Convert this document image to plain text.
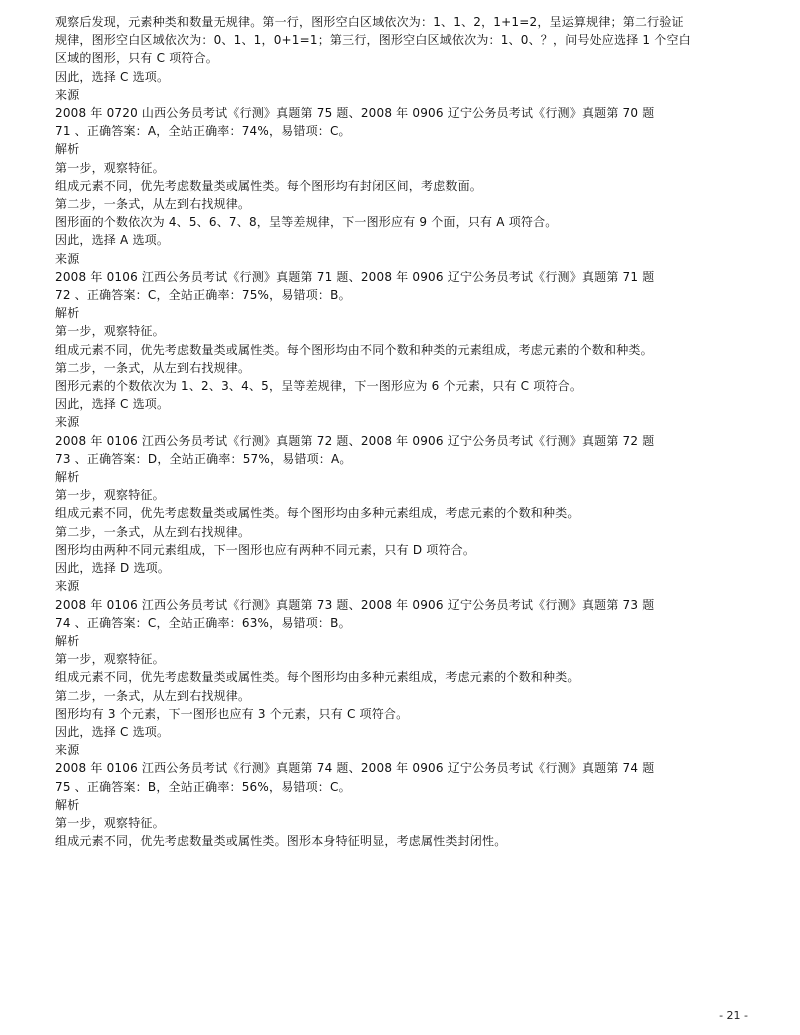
观察后发现，元素种类和数量无规律。第一行，图形空白区域依次为：1、1、2，1+1=2，呈运算规律；第二行验证
规律，图形空白区域依次为：0、1、1，0+1=1；第三行，图形空白区域依次为：1、0、？，问号处应选择 1 个空白
区域的图形，只有 C 项符合。
因此，选择 C 选项。
来源
2008 年 0720 山西公务员考试《行测》真题第 75 题、2008 年 0906 辽宁公务员考试《行测》真题第 70 题
71 、正确答案：A，全站正确率：74%，易错项：C。
解析
第一步，观察特征。
组成元素不同，优先考虑数量类或属性类。每个图形均有封闭区间，考虑数面。
第二步，一条式，从左到右找规律。
图形面的个数依次为 4、5、6、7、8，呈等差规律，下一图形应有 9 个面，只有 A 项符合。
因此，选择 A 选项。
来源
2008 年 0106 江西公务员考试《行测》真题第 71 题、2008 年 0906 辽宁公务员考试《行测》真题第 71 题
72 、正确答案：C，全站正确率：75%，易错项：B。
解析
第一步，观察特征。
组成元素不同，优先考虑数量类或属性类。每个图形均由不同个数和种类的元素组成，考虑元素的个数和种类。
第二步，一条式，从左到右找规律。
图形元素的个数依次为 1、2、3、4、5，呈等差规律，下一图形应为 6 个元素，只有 C 项符合。
因此，选择 C 选项。
来源
2008 年 0106 江西公务员考试《行测》真题第 72 题、2008 年 0906 辽宁公务员考试《行测》真题第 72 题
73 、正确答案：D，全站正确率：57%，易错项：A。
解析
第一步，观察特征。
组成元素不同，优先考虑数量类或属性类。每个图形均由多种元素组成，考虑元素的个数和种类。
第二步，一条式，从左到右找规律。
图形均由两种不同元素组成，下一图形也应有两种不同元素，只有 D 项符合。
因此，选择 D 选项。
来源
2008 年 0106 江西公务员考试《行测》真题第 73 题、2008 年 0906 辽宁公务员考试《行测》真题第 73 题
74 、正确答案：C，全站正确率：63%，易错项：B。
解析
第一步，观察特征。
组成元素不同，优先考虑数量类或属性类。每个图形均由多种元素组成，考虑元素的个数和种类。
第二步，一条式，从左到右找规律。
图形均有 3 个元素，下一图形也应有 3 个元素，只有 C 项符合。
因此，选择 C 选项。
来源
2008 年 0106 江西公务员考试《行测》真题第 74 题、2008 年 0906 辽宁公务员考试《行测》真题第 74 题
75 、正确答案：B，全站正确率：56%，易错项：C。
解析
第一步，观察特征。
组成元素不同，优先考虑数量类或属性类。图形本身特征明显，考虑属性类封闭性。
- 21 -
